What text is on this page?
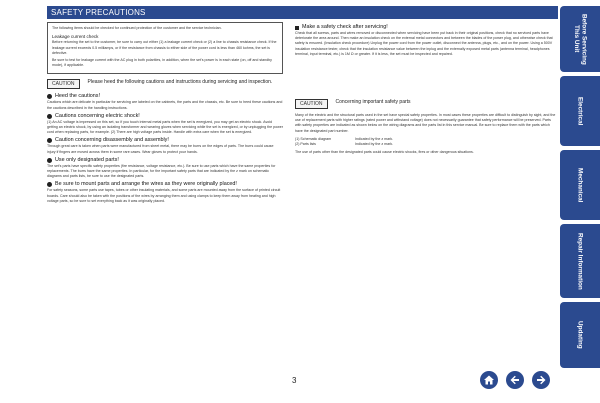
SAFETY PRECAUTIONS

The following items should be checked for continued protection of the customer and the service technician.

Leakage current check

Before returning the set to the customer, be sure to carry out either (1) a leakage current check or (2) a line to chassis resistance check. If the leakage current exceeds 0.5 milliamps, or if the resistance from chassis to either side of the power cord is less than 460 kohms, the set is defective.

Be sure to test for leakage current with the AC plug in both polarities, in addition, when the set's power is in each state (on, off and standby mode), if applicable.

CAUTION	Please heed the following cautions and instructions during servicing and inspection.
Heed the cautions!

Cautions which are delicate in particular for servicing are labeled on the cabinets, the parts and the chassis, etc. Be sure to heed these cautions and the cautions described in the handling instructions.

Cautions concerning electric shock!

(1) An AC voltage is impressed on this set, so if you touch internal metal parts when the set is energized, you may get an electric shock. Avoid getting an electric shock, by using an isolating transformer and wearing gloves when servicing while the set is energized, or by unplugging the power cord when replacing parts, for example. (2) There are high voltage parts inside. Handle with extra care when the set is energized.

Caution concerning disassembly and assembly!

Through great care is taken when parts were manufactured from sheet metal, there may be burrs on the edges of parts. The burrs could cause injury if fingers are moved across them in some rare cases. Wear gloves to protect your hands.

Use only designated parts!

The set's parts have specific safety properties (fire resistance, voltage resistance, etc.). Be sure to use parts which have the same properties for replacements. The burrs have the same properties. In particular, for the important safety parts that are indicated by the z mark on schematic diagrams and parts lists, be sure to use the designated parts.

Be sure to mount parts and arrange the wires as they were originally placed!

For safety seasons, some parts use tapes, tubes or other insulating materials, and some parts are mounted away from the surface of printed circuit boards. Care should also be taken with the positions of the wires by arranging them and using clamps to keep them away from heating and high voltage parts, so be sure to set everything back as it was originally placed.

Make a safety check after servicing!

Check that all screws, parts and wires removed or disconnected when servicing have been put back in their original positions, check that no serviced parts have deteriorate the area around. Then make an insulation check on the external metal connectors and between the blades of the power plug, and otherwise check that safety is ensured. (Insulation check procedure) Unplug the power cord from the power outlet, disconnect the antenna, plugs, etc., and on the power. Using a 500V insulation resistance tester, check that the insulation resistance value between the inplug and the externally exposed metal parts (antenna terminal, headphones terminal, input terminal, etc.) is 1M Ω or greater. If it is less, the set must be inspected and repaired.

CAUTION	Concerning important safety parts

Many of the electric and the structural parts used in the set have special safety properties. In most cases these properties are difficult to distinguish by sight, and the use of replacement parts with higher ratings (rated power and withstand voltage) does not necessarily guarantee that safety performance will be preserved. Parts with safety properties are indicated as shown below on the wiring diagrams and the parts list in this service manual. Be sure to replace them with the parts which have the designated part number.

(1) Schematic diagram	Indicated by the z mark.
(2) Parts lists	Indicated by the z mark.

The use of parts other than the designated parts could cause electric shocks, fires or other dangerous situations.

3
Before Servicing
This Unit
Electrical
Mechanical
Repair Information
Updating
